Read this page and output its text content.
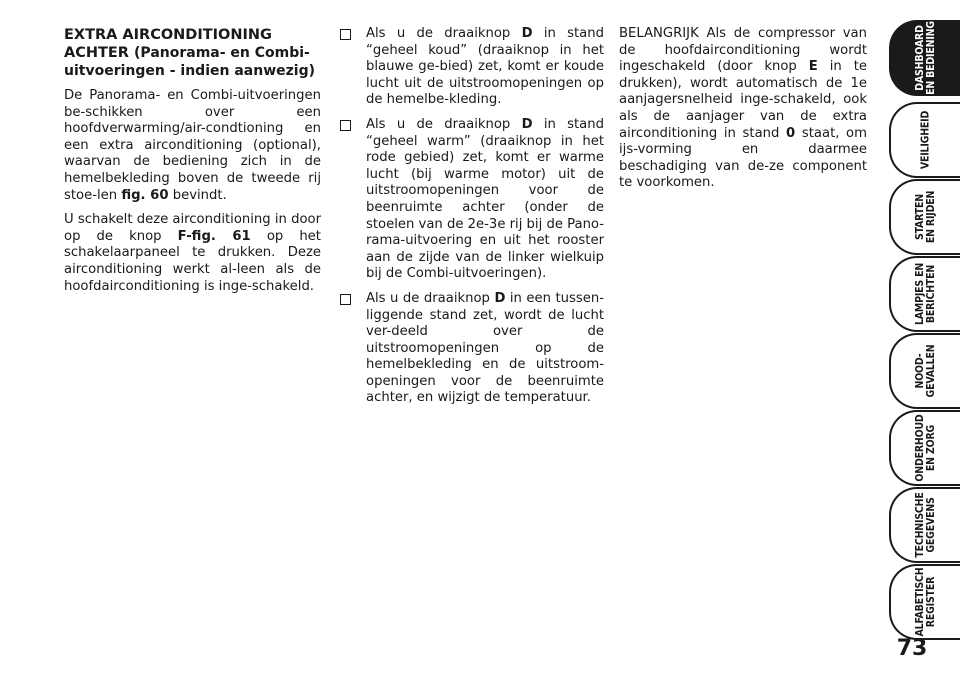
EXTRA AIRCONDITIONING
ACHTER (Panorama- en Combi-uitvoeringen - indien aanwezig)

De Panorama- en Combi-uitvoeringen be-schikken over een hoofdverwarming/air-condtioning en een extra airconditioning (optional), waarvan de bediening zich in de hemelbekleding boven de tweede rij stoe-len fig. 60 bevindt.

U schakelt deze airconditioning in door op de knop F-fig. 61 op het schakelaarpaneel te drukken. Deze airconditioning werkt al-leen als de hoofdairconditioning is inge-schakeld.

Als u de draaiknop D in stand “geheel koud” (draaiknop in het blauwe ge-bied) zet, komt er koude lucht uit de uitstroomopeningen op de hemelbe-kleding.
Als u de draaiknop D in stand “geheel warm” (draaiknop in het rode gebied) zet, komt er warme lucht (bij warme motor) uit de uitstroomopeningen voor de beenruimte achter (onder de stoelen van de 2e-3e rij bij de Pano-rama-uitvoering en uit het rooster aan de zijde van de linker wielkuip bij de Combi-uitvoeringen).
Als u de draaiknop D in een tussen-liggende stand zet, wordt de lucht ver-deeld over de uitstroomopeningen op de hemelbekleding en de uitstroom-openingen voor de beenruimte achter, en wijzigt de temperatuur.

BELANGRIJK Als de compressor van de hoofdairconditioning wordt ingeschakeld (door knop E in te drukken), wordt automatisch de 1e aanjagersnelheid inge-schakeld, ook als de aanjager van de extra airconditioning in stand 0 staat, om ijs-vorming en daarmee beschadiging van de-ze component te voorkomen.

DASHBOARD
EN BEDIENING
VEILIGHEID
STARTEN
EN RIJDEN
LAMPJES EN
BERICHTEN
NOOD-
GEVALLEN
ONDERHOUD
EN ZORG
TECHNISCHE
GEGEVENS
ALFABETISCH
REGISTER
73
